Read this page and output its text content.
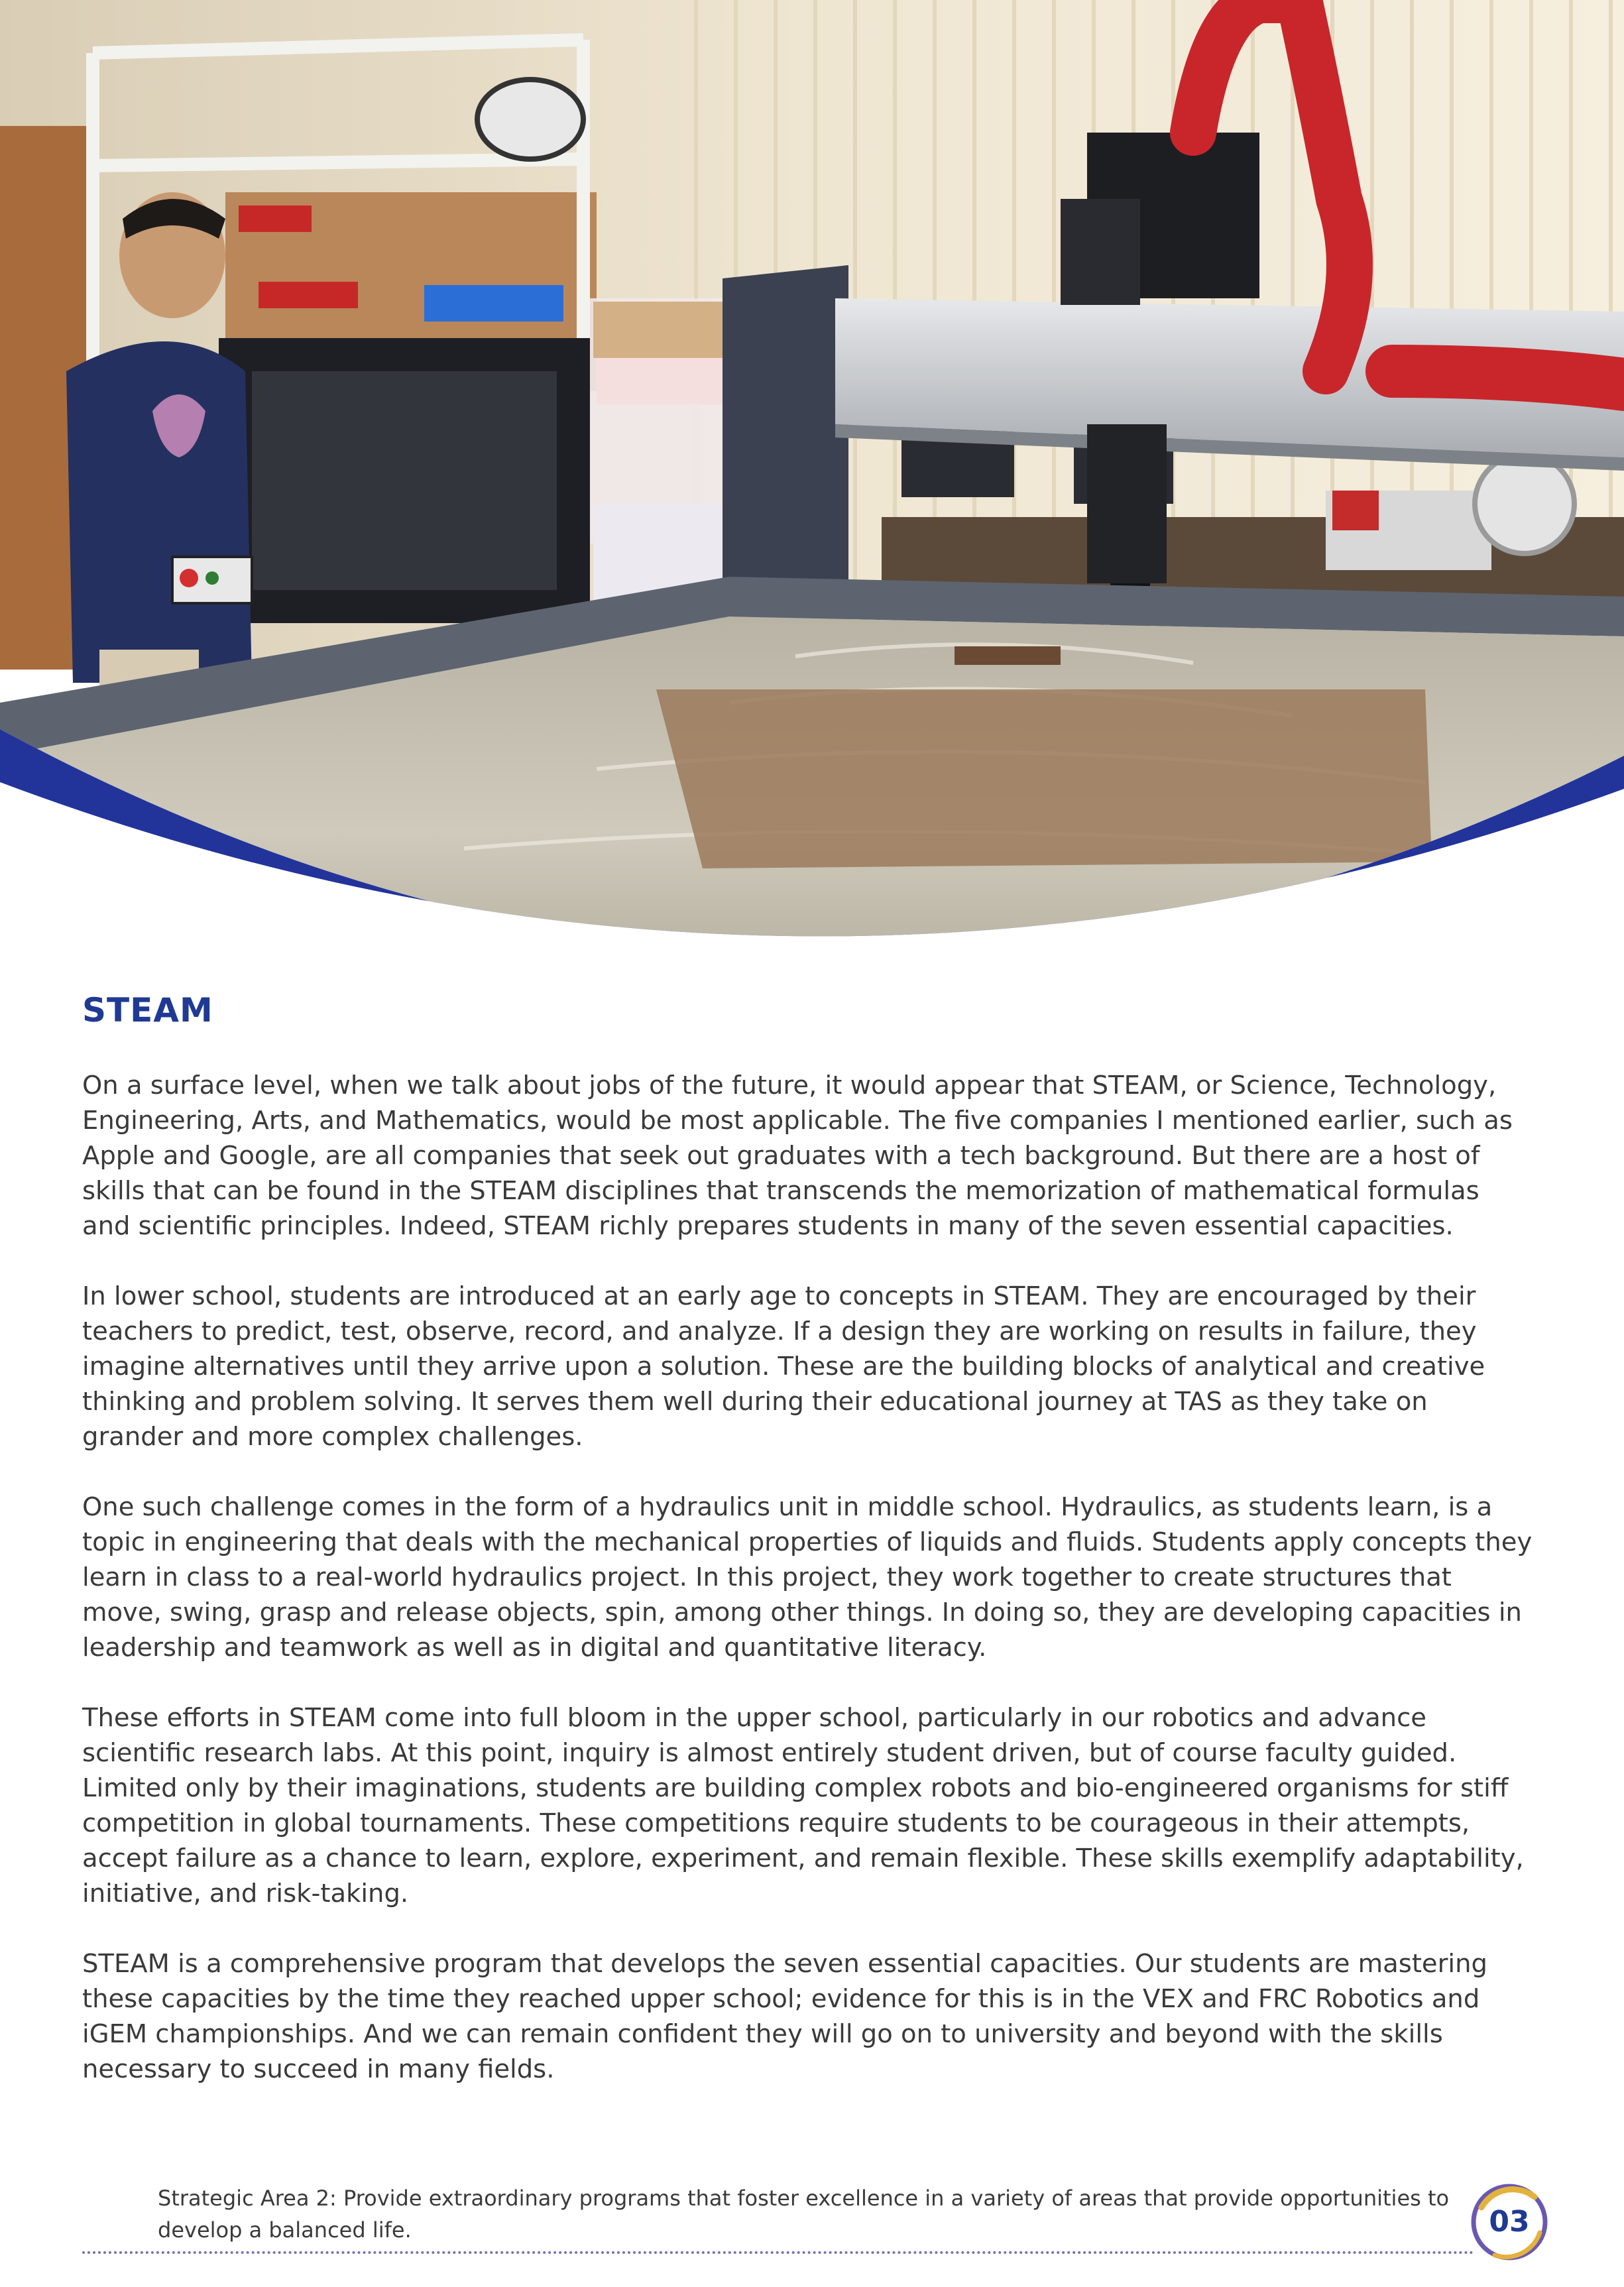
STEAM

On a surface level, when we talk about jobs of the future, it would appear that STEAM, or Science, Technology, Engineering, Arts, and Mathematics, would be most applicable. The five companies I mentioned earlier, such as Apple and Google, are all companies that seek out graduates with a tech background. But there are a host of skills that can be found in the STEAM disciplines that transcends the memorization of mathematical formulas and scientific principles. Indeed, STEAM richly prepares students in many of the seven essential capacities.

In lower school, students are introduced at an early age to concepts in STEAM. They are encouraged by their teachers to predict, test, observe, record, and analyze. If a design they are working on results in failure, they imagine alternatives until they arrive upon a solution. These are the building blocks of analytical and creative thinking and problem solving. It serves them well during their educational journey at TAS as they take on grander and more complex challenges.

One such challenge comes in the form of a hydraulics unit in middle school. Hydraulics, as students learn, is a topic in engineering that deals with the mechanical properties of liquids and fluids. Students apply concepts they learn in class to a real-world hydraulics project. In this project, they work together to create structures that move, swing, grasp and release objects, spin, among other things. In doing so, they are developing capacities in leadership and teamwork as well as in digital and quantitative literacy.

These efforts in STEAM come into full bloom in the upper school, particularly in our robotics and advance scientific research labs. At this point, inquiry is almost entirely student driven, but of course faculty guided. Limited only by their imaginations, students are building complex robots and bio-engineered organisms for stiff competition in global tournaments. These competitions require students to be courageous in their attempts, accept failure as a chance to learn, explore, experiment, and remain flexible. These skills exemplify adaptability, initiative, and risk-taking.

STEAM is a comprehensive program that develops the seven essential capacities. Our students are mastering these capacities by the time they reached upper school; evidence for this is in the VEX and FRC Robotics and iGEM championships. And we can remain confident they will go on to university and beyond with the skills necessary to succeed in many fields.

Strategic Area 2: Provide extraordinary programs that foster excellence in a variety of areas that provide opportunities to develop a balanced life.	03
